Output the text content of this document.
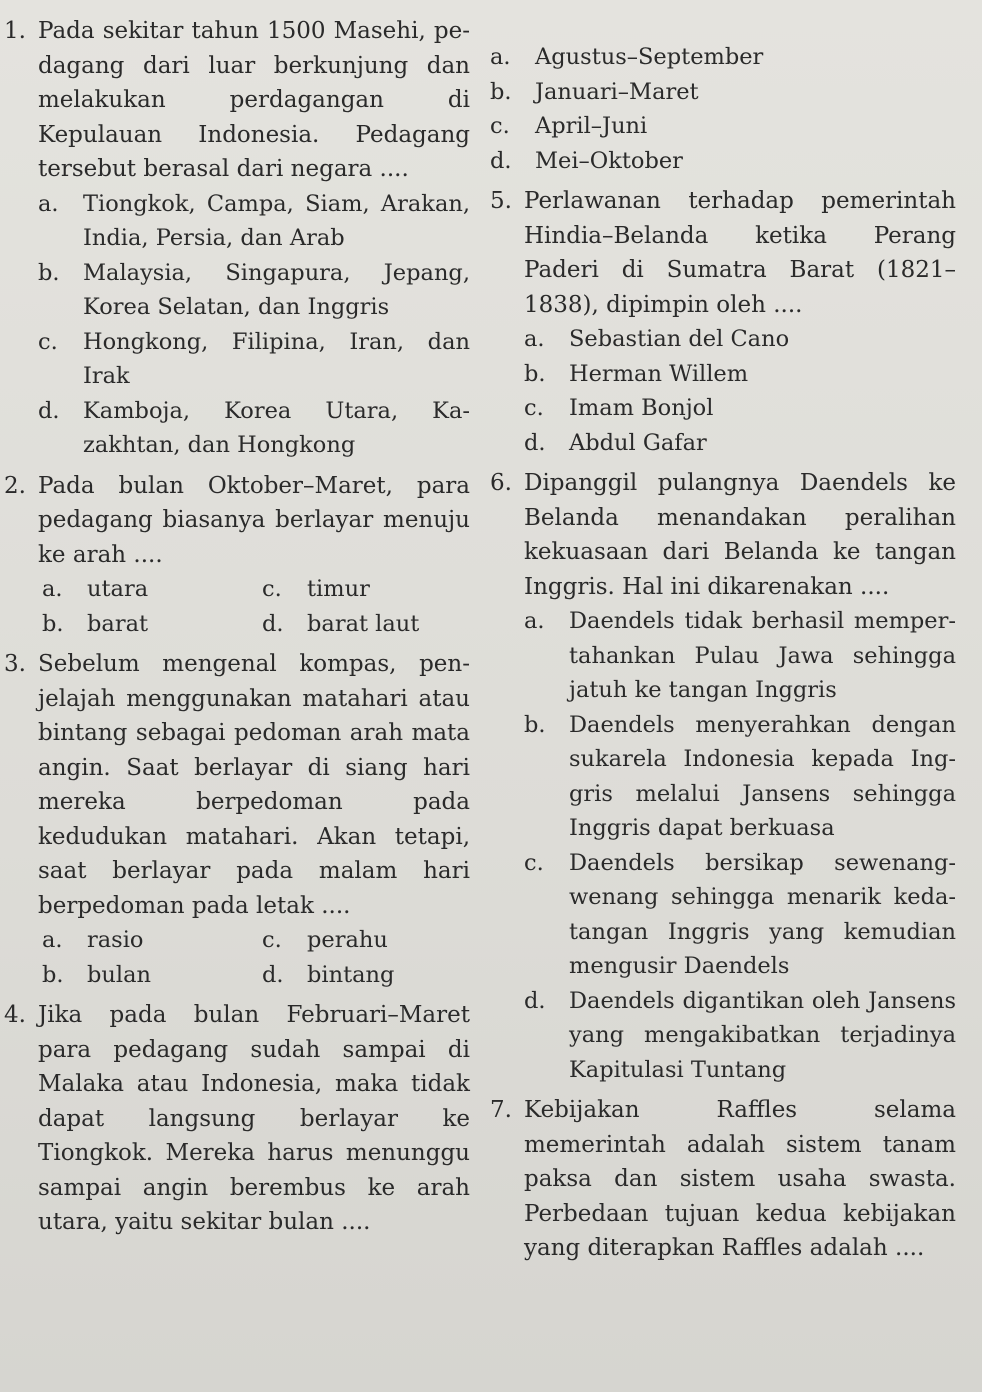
1. Pada sekitar tahun 1500 Masehi, pedagang dari luar berkunjung dan melakukan perdagangan di Kepulauan Indonesia. Pedagang tersebut berasal dari negara ....
a.	Tiongkok, Campa, Siam, Arakan, India, Persia, dan Arab
b.	Malaysia, Singapura, Jepang, Korea Selatan, dan Inggris
c.	Hongkong, Filipina, Iran, dan Irak
d.	Kamboja, Korea Utara, Kazakhtan, dan Hongkong
2. Pada bulan Oktober–Maret, para pedagang biasanya berlayar menuju ke arah ....
a.	utara	c.	timur
b.	barat	d.	barat laut
3. Sebelum mengenal kompas, penjelajah menggunakan matahari atau bintang sebagai pedoman arah mata angin. Saat berlayar di siang hari mereka berpedoman pada kedudukan matahari. Akan tetapi, saat berlayar pada malam hari berpedoman pada letak ....
a.	rasio	c.	perahu
b.	bulan	d.	bintang
4. Jika pada bulan Februari–Maret para pedagang sudah sampai di Malaka atau Indonesia, maka tidak dapat langsung berlayar ke Tiongkok. Mereka harus menunggu sampai angin berembus ke arah utara, yaitu sekitar bulan ....
a.	Agustus–September
b.	Januari–Maret
c.	April–Juni
d.	Mei–Oktober
5. Perlawanan terhadap pemerintah Hindia–Belanda ketika Perang Paderi di Sumatra Barat (1821–1838), dipimpin oleh ....
a.	Sebastian del Cano
b.	Herman Willem
c.	Imam Bonjol
d.	Abdul Gafar
6. Dipanggil pulangnya Daendels ke Belanda menandakan peralihan kekuasaan dari Belanda ke tangan Inggris. Hal ini dikarenakan ....
a.	Daendels tidak berhasil mempertahankan Pulau Jawa sehingga jatuh ke tangan Inggris
b.	Daendels menyerahkan dengan sukarela Indonesia kepada Inggris melalui Jansens sehingga Inggris dapat berkuasa
c.	Daendels bersikap sewenang-wenang sehingga menarik kedatangan Inggris yang kemudian mengusir Daendels
d.	Daendels digantikan oleh Jansens yang mengakibatkan terjadinya Kapitulasi Tuntang
7. Kebijakan Raffles selama memerintah adalah sistem tanam paksa dan sistem usaha swasta. Perbedaan tujuan kedua kebijakan yang diterapkan Raffles adalah ....
